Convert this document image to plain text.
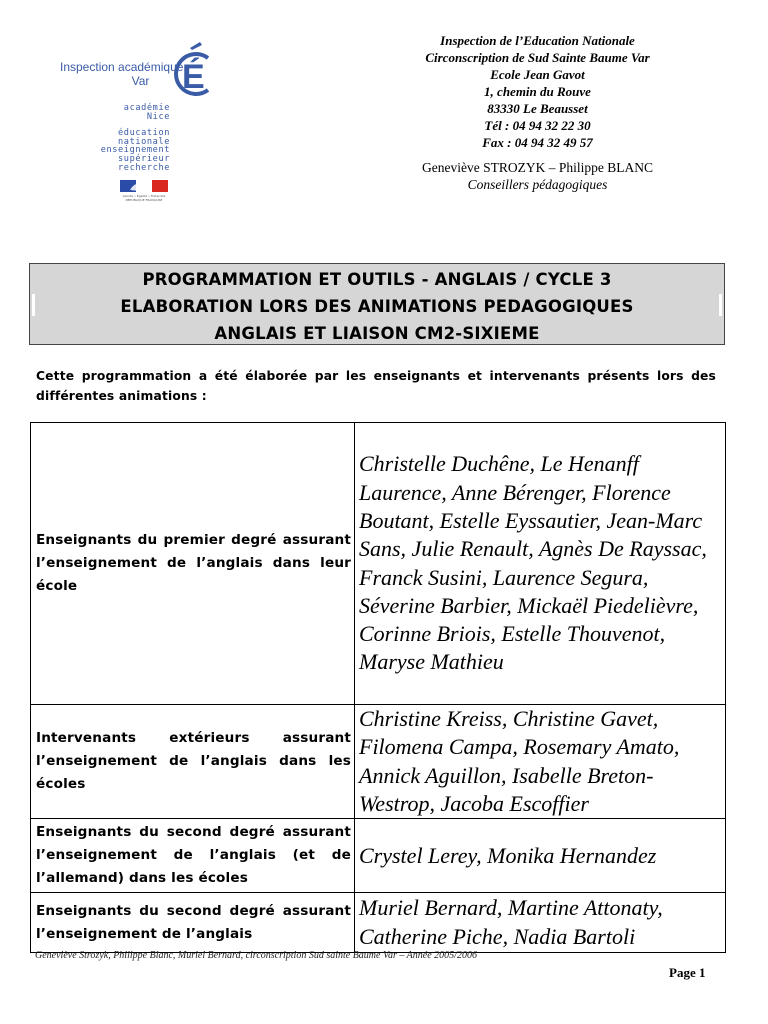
Inspection académique
Var É
académie
Nice
éducation
nationale
enseignement
supérieur
recherche
Liberté • Égalité • Fraternité RÉPUBLIQUE FRANÇAISE
Inspection de l’Education Nationale
Circonscription de Sud Sainte Baume Var
Ecole Jean Gavot
1, chemin du Rouve
83330 Le Beausset
Tél : 04 94 32 22 30
Fax : 04 94 32 49 57
Geneviève STROZYK – Philippe BLANC
Conseillers pédagogiques
PROGRAMMATION ET OUTILS - ANGLAIS / CYCLE 3
ELABORATION LORS DES ANIMATIONS PEDAGOGIQUES
ANGLAIS ET LIAISON CM2-SIXIEME
Cette programmation a été élaborée par les enseignants et intervenants présents lors des différentes animations :
Enseignants du premier degré assurant l’enseignement de l’anglais dans leur école	Christelle Duchêne, Le Henanff Laurence, Anne Bérenger, Florence Boutant, Estelle Eyssautier, Jean-Marc Sans, Julie Renault, Agnès De Rayssac, Franck Susini, Laurence Segura, Séverine Barbier, Mickaël Piedelièvre, Corinne Briois, Estelle Thouvenot, Maryse Mathieu
Intervenants extérieurs assurant l’enseignement de l’anglais dans les écoles	Christine Kreiss, Christine Gavet, Filomena Campa, Rosemary Amato, Annick Aguillon, Isabelle Breton-Westrop, Jacoba Escoffier
Enseignants du second degré assurant l’enseignement de l’anglais (et de l’allemand) dans les écoles	Crystel Lerey, Monika Hernandez
Enseignants du second degré assurant l’enseignement de l’anglais	Muriel Bernard, Martine Attonaty, Catherine Piche, Nadia Bartoli
Geneviève Strozyk, Philippe Blanc, Muriel Bernard, circonscription Sud sainte Baume Var – Année 2005/2006
Page 1
